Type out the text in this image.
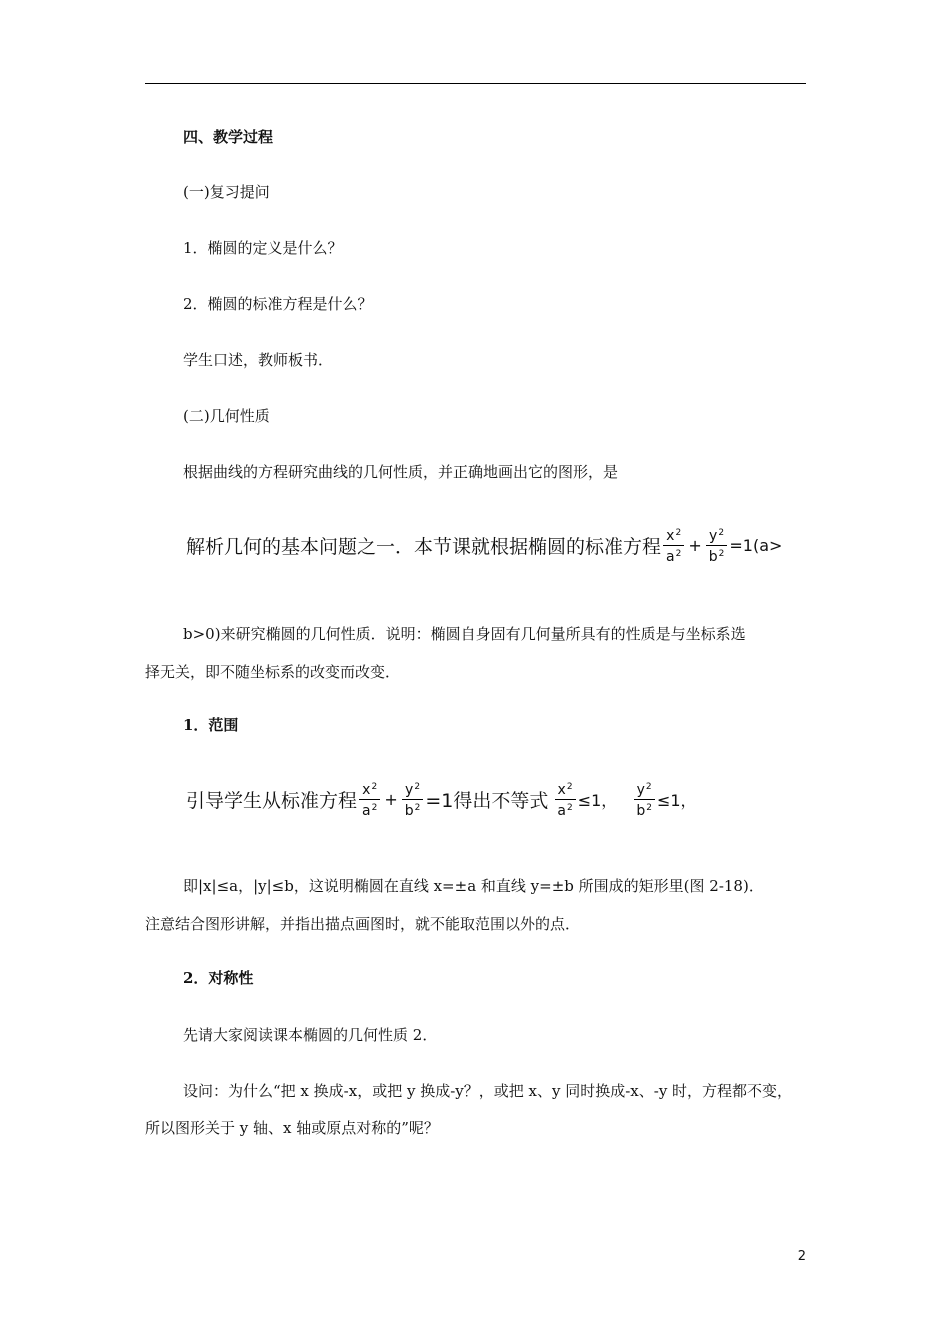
四、教学过程
(一)复习提问
1．椭圆的定义是什么？
2．椭圆的标准方程是什么？
学生口述，教师板书．
(二)几何性质
根据曲线的方程研究曲线的几何性质，并正确地画出它的图形，是
解析几何的基本问题之一．本节课就根据椭圆的标准方程 $\frac{x^2}{a^2} + \frac{y^2}{b^2} =1(a>$
b>0)来研究椭圆的几何性质．说明：椭圆自身固有几何量所具有的性质是与坐标系选
择无关，即不随坐标系的改变而改变．
1．范围
引导学生从标准方程 $\frac{x^2}{a^2} + \frac{y^2}{b^2} =1$得出不等式 $\frac{x^2}{a^2} \le 1$， $\frac{y^2}{b^2} \le 1$，
即|x|≤a，|y|≤b，这说明椭圆在直线 x=±a 和直线 y=±b 所围成的矩形里(图 2-18)．
注意结合图形讲解，并指出描点画图时，就不能取范围以外的点．
2．对称性
先请大家阅读课本椭圆的几何性质 2．
设问：为什么“把 x 换成-x，或把 y 换成-y？，或把 x、y 同时换成-x、-y 时，方程都不变，
所以图形关于 y 轴、x 轴或原点对称的”呢？
2
